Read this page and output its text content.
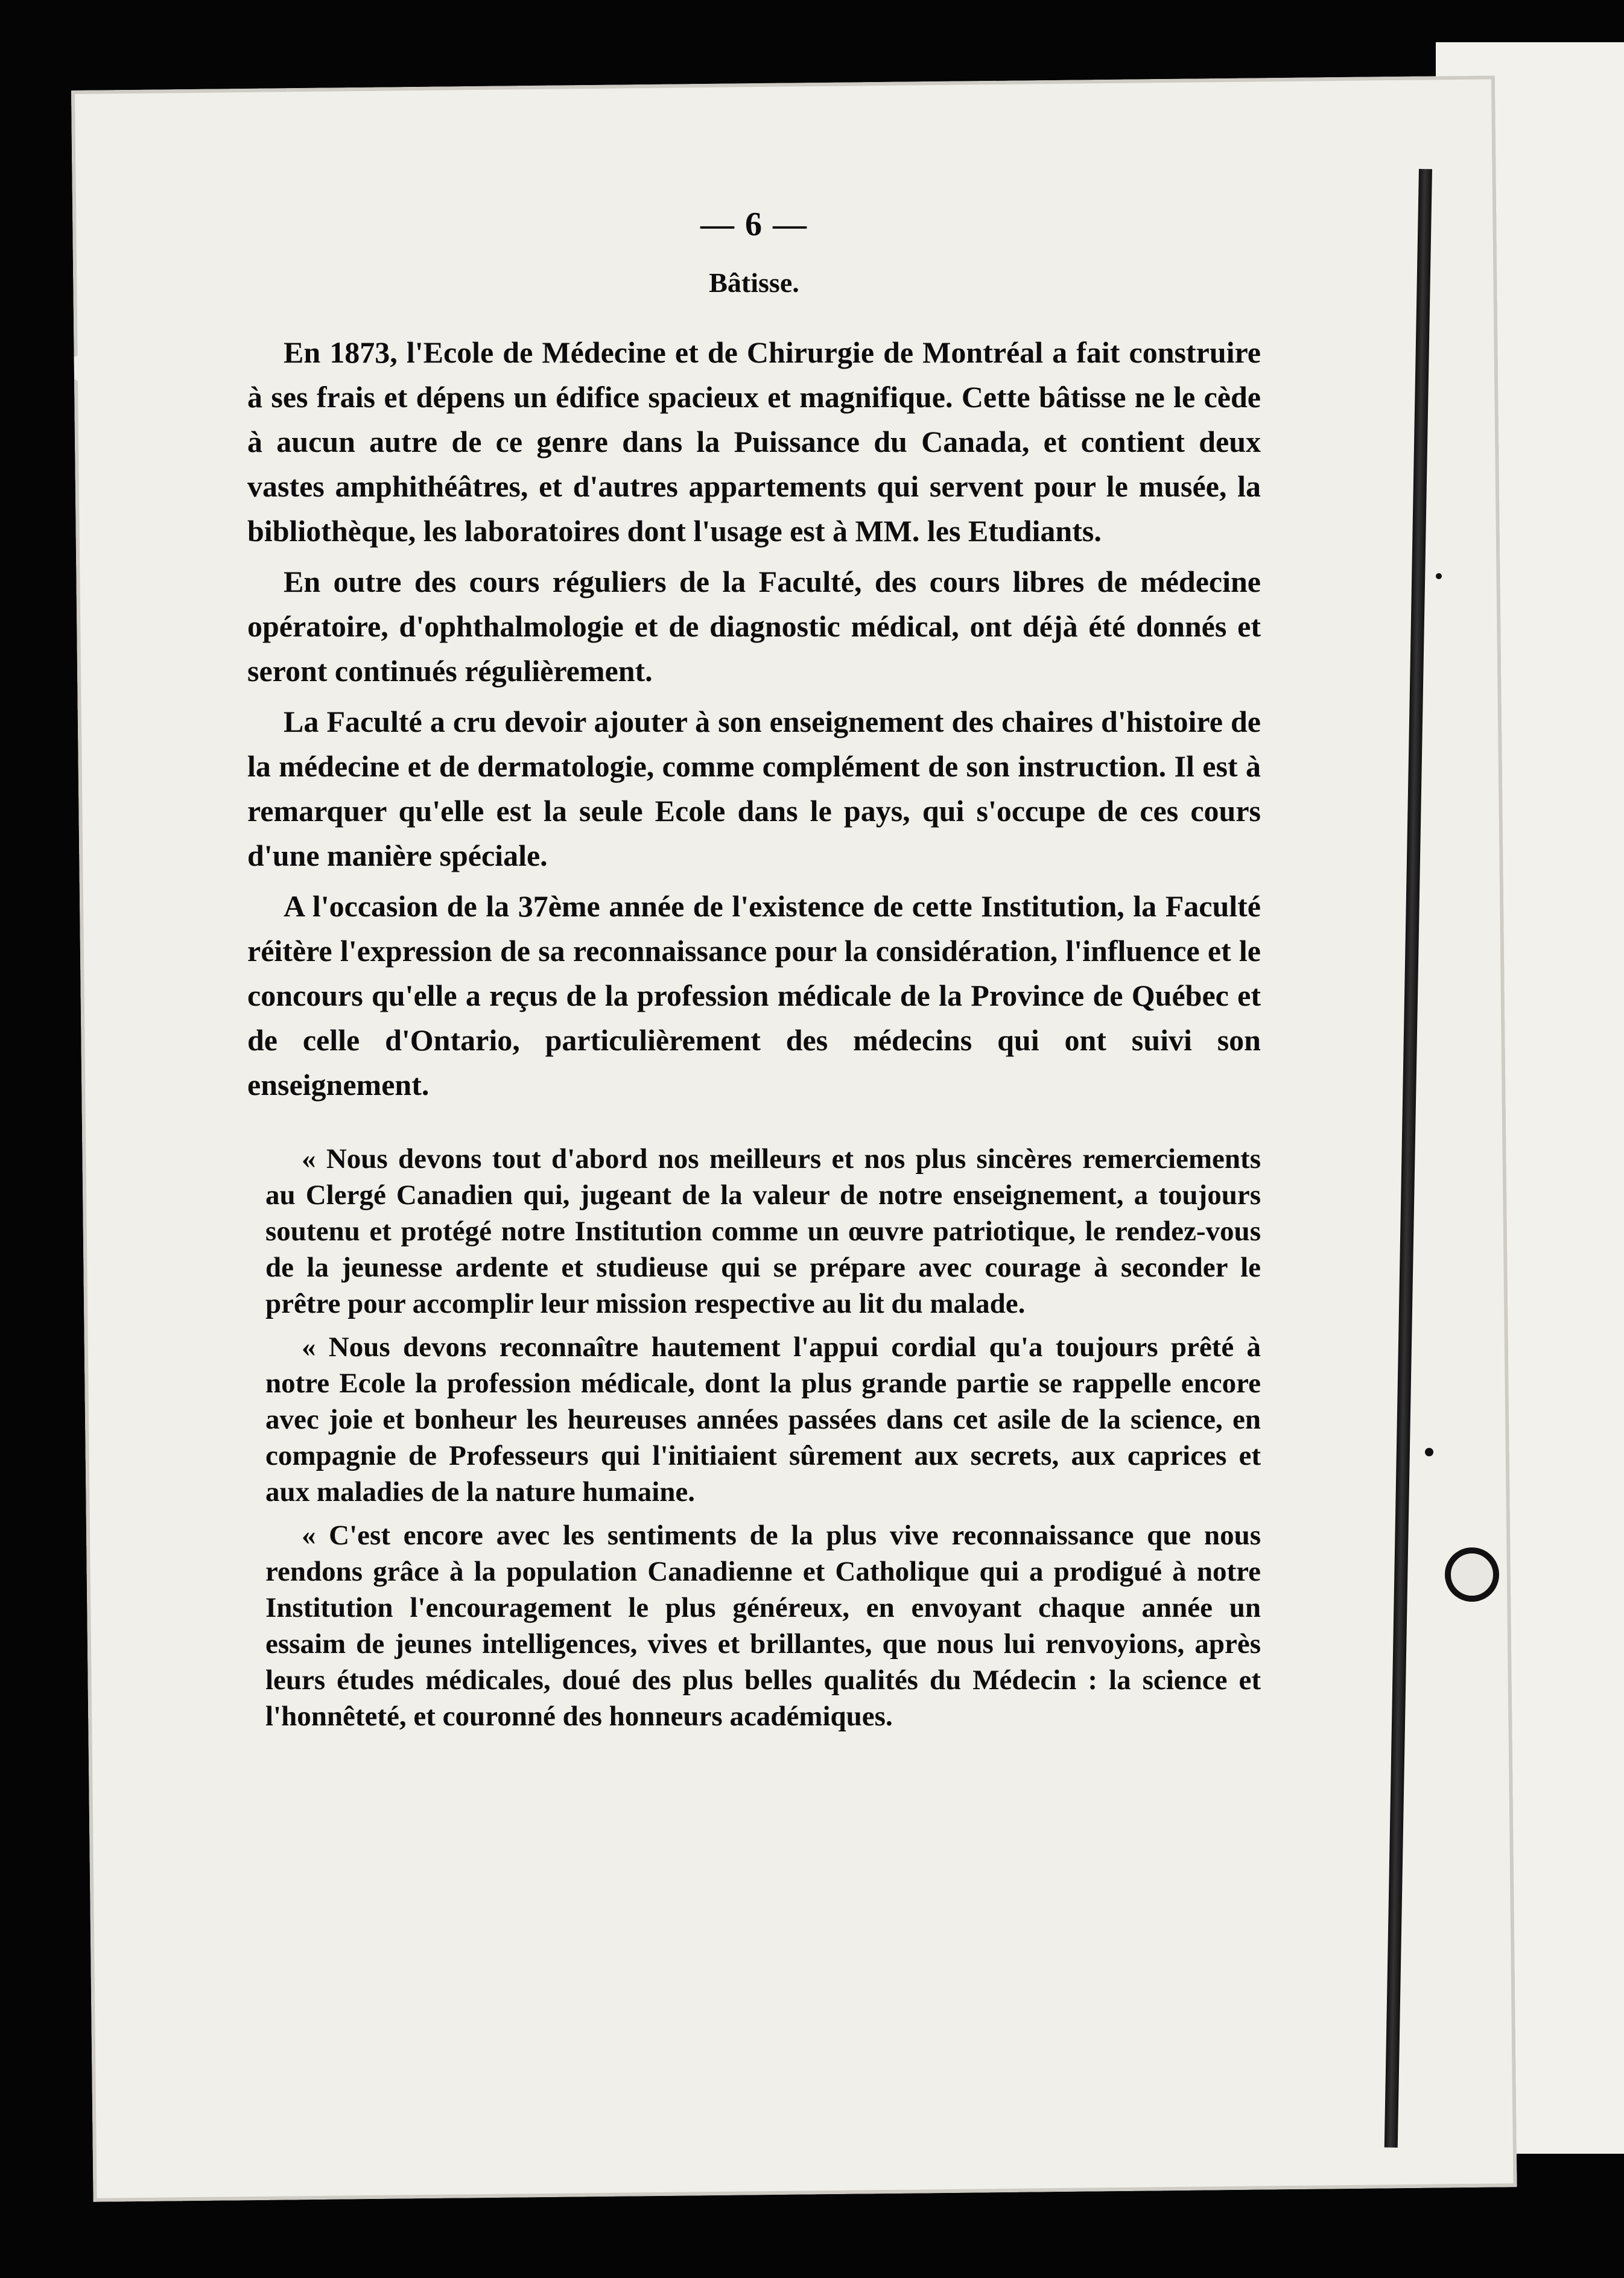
— 6 —
Bâtisse.

En 1873, l'Ecole de Médecine et de Chirurgie de Montréal a fait construire à ses frais et dépens un édifice spacieux et magnifique. Cette bâtisse ne le cède à aucun autre de ce genre dans la Puissance du Canada, et contient deux vastes amphithéâtres, et d'autres appartements qui servent pour le musée, la bibliothèque, les laboratoires dont l'usage est à MM. les Etudiants.

En outre des cours réguliers de la Faculté, des cours libres de médecine opératoire, d'ophthalmologie et de diagnostic médical, ont déjà été donnés et seront continués régulièrement.

La Faculté a cru devoir ajouter à son enseignement des chaires d'histoire de la médecine et de dermatologie, comme complément de son instruction. Il est à remarquer qu'elle est la seule Ecole dans le pays, qui s'occupe de ces cours d'une manière spéciale.

A l'occasion de la 37ème année de l'existence de cette Institution, la Faculté réitère l'expression de sa reconnaissance pour la considération, l'influence et le concours qu'elle a reçus de la profession médicale de la Province de Québec et de celle d'Ontario, particulièrement des médecins qui ont suivi son enseignement.

« Nous devons tout d'abord nos meilleurs et nos plus sincères remerciements au Clergé Canadien qui, jugeant de la valeur de notre enseignement, a toujours soutenu et protégé notre Institution comme un œuvre patriotique, le rendez-vous de la jeunesse ardente et studieuse qui se prépare avec courage à seconder le prêtre pour accomplir leur mission respective au lit du malade.

« Nous devons reconnaître hautement l'appui cordial qu'a toujours prêté à notre Ecole la profession médicale, dont la plus grande partie se rappelle encore avec joie et bonheur les heureuses années passées dans cet asile de la science, en compagnie de Professeurs qui l'initiaient sûrement aux secrets, aux caprices et aux maladies de la nature humaine.

« C'est encore avec les sentiments de la plus vive reconnaissance que nous rendons grâce à la population Canadienne et Catholique qui a prodigué à notre Institution l'encouragement le plus généreux, en envoyant chaque année un essaim de jeunes intelligences, vives et brillantes, que nous lui renvoyions, après leurs études médicales, doué des plus belles qualités du Médecin : la science et l'honnêteté, et couronné des honneurs académiques.
